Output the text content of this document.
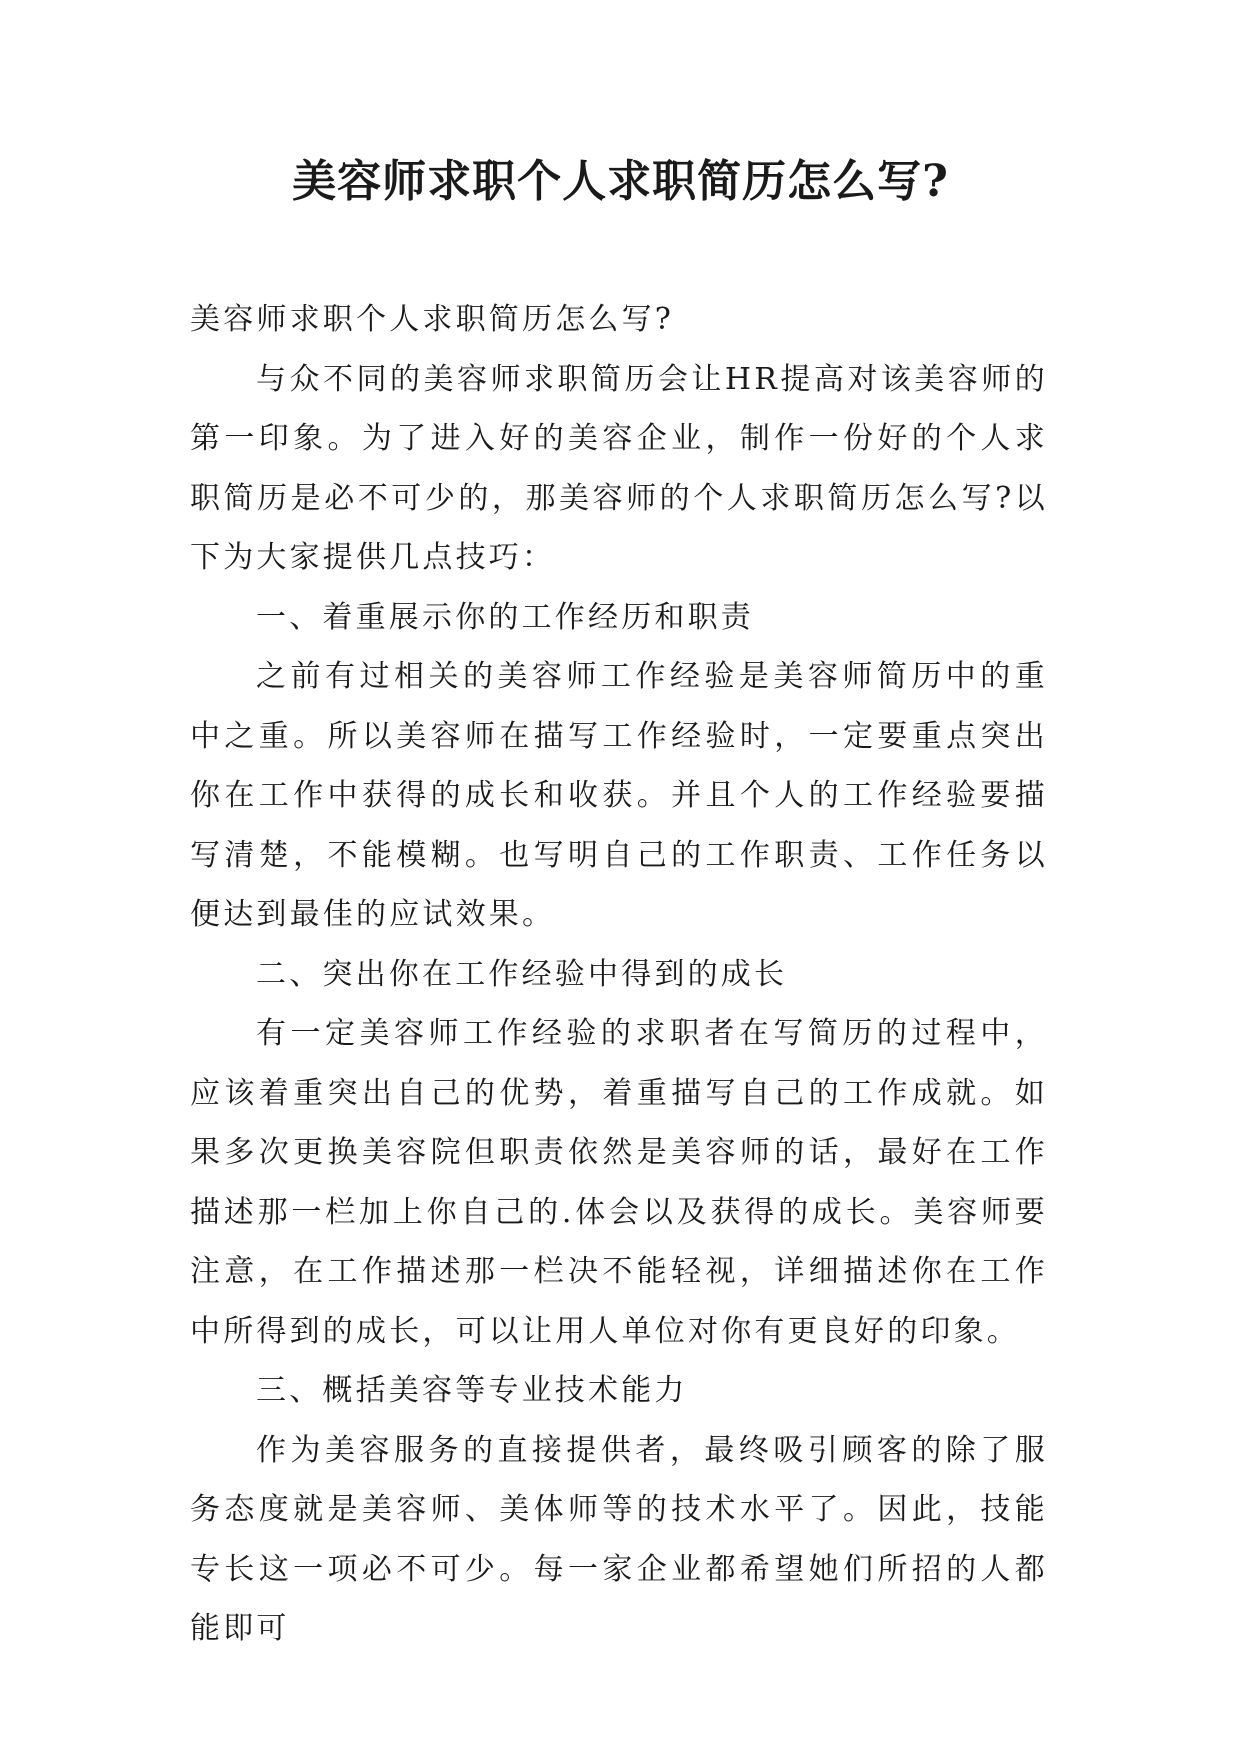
美容师求职个人求职简历怎么写?

美容师求职个人求职简历怎么写?

与众不同的美容师求职简历会让HR提高对该美容师的第一印象。为了进入好的美容企业，制作一份好的个人求职简历是必不可少的，那美容师的个人求职简历怎么写?以下为大家提供几点技巧：

一、着重展示你的工作经历和职责

之前有过相关的美容师工作经验是美容师简历中的重中之重。所以美容师在描写工作经验时，一定要重点突出你在工作中获得的成长和收获。并且个人的工作经验要描写清楚，不能模糊。也写明自己的工作职责、工作任务以便达到最佳的应试效果。

二、突出你在工作经验中得到的成长

有一定美容师工作经验的求职者在写简历的过程中，应该着重突出自己的优势，着重描写自己的工作成就。如果多次更换美容院但职责依然是美容师的话，最好在工作描述那一栏加上你自己的.体会以及获得的成长。美容师要注意，在工作描述那一栏决不能轻视，详细描述你在工作中所得到的成长，可以让用人单位对你有更良好的印象。

三、概括美容等专业技术能力

作为美容服务的直接提供者，最终吸引顾客的除了服务态度就是美容师、美体师等的技术水平了。因此，技能专长这一项必不可少。每一家企业都希望她们所招的人都能即可
